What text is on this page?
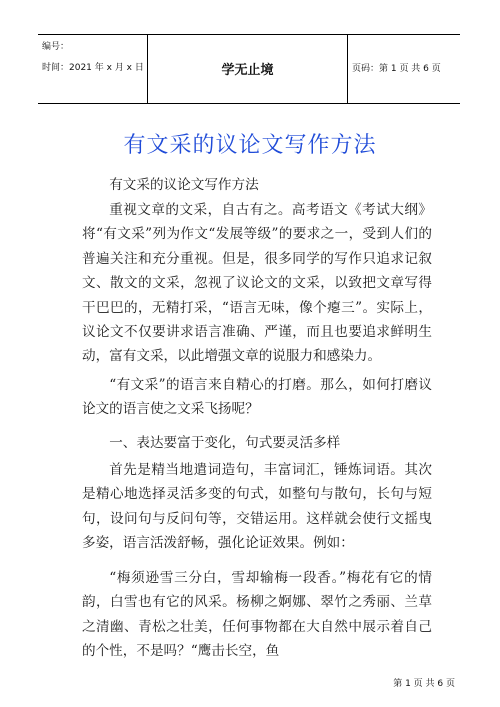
编号：
时间：2021 年 x 月 x 日	学无止境	页码：第 1 页 共 6 页
有文采的议论文写作方法

有文采的议论文写作方法

重视文章的文采，自古有之。高考语文《考试大纲》将“有文采”列为作文“发展等级”的要求之一，受到人们的普遍关注和充分重视。但是，很多同学的写作只追求记叙文、散文的文采，忽视了议论文的文采，以致把文章写得干巴巴的，无精打采，“语言无味，像个瘪三”。实际上，议论文不仅要讲求语言准确、严谨，而且也要追求鲜明生动，富有文采，以此增强文章的说服力和感染力。

“有文采”的语言来自精心的打磨。那么，如何打磨议论文的语言使之文采飞扬呢？

一、表达要富于变化，句式要灵活多样

首先是精当地遣词造句，丰富词汇，锤炼词语。其次是精心地选择灵活多变的句式，如整句与散句，长句与短句，设问句与反问句等，交错运用。这样就会使行文摇曳多姿，语言活泼舒畅，强化论证效果。例如：

“梅须逊雪三分白，雪却输梅一段香。”梅花有它的情韵，白雪也有它的风采。杨柳之婀娜、翠竹之秀丽、兰草之清幽、青松之壮美，任何事物都在大自然中展示着自己的个性，不是吗？“鹰击长空，鱼

第 1 页 共 6 页
